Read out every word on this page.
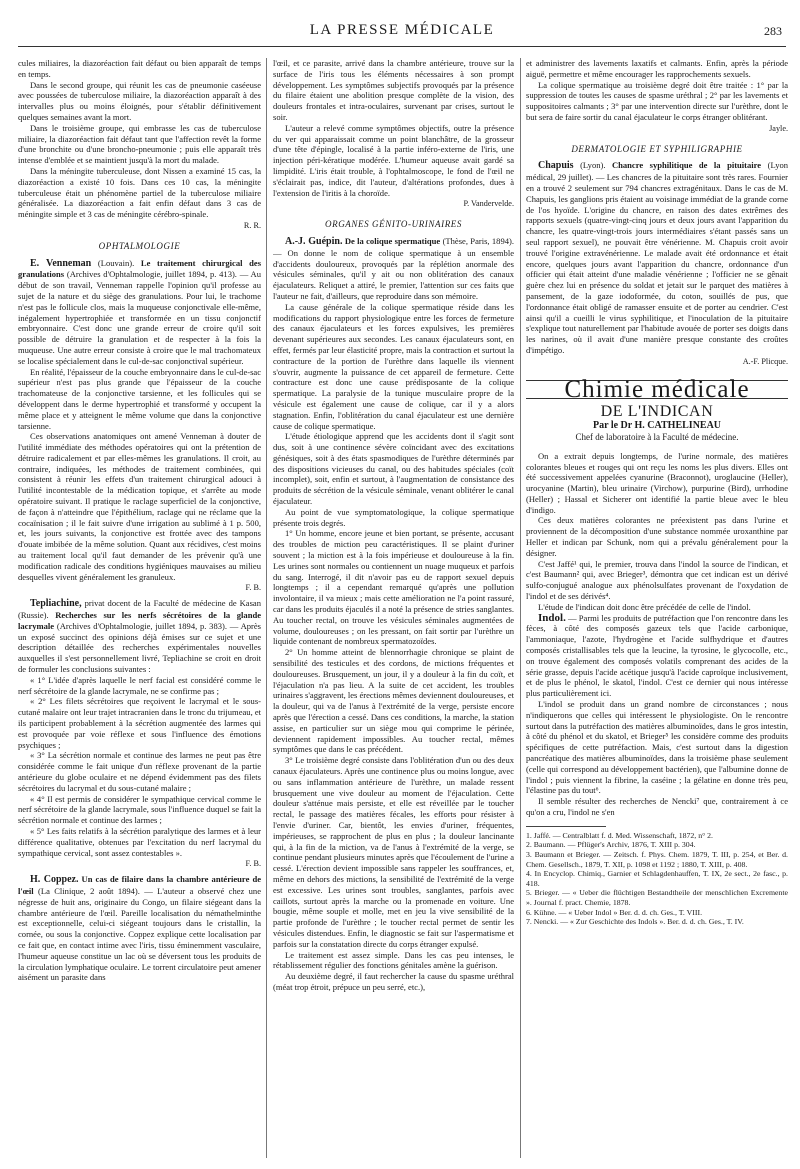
LA PRESSE MÉDICALE	283

cules miliaires, la diazoréaction fait défaut ou bien apparaît de temps en temps.

Dans le second groupe, qui réunit les cas de pneumonie caséeuse avec poussées de tuberculose miliaire, la diazoréaction apparaît à des intervalles plus ou moins éloignés, pour s'établir définitivement quelques semaines avant la mort.

Dans le troisième groupe, qui embrasse les cas de tuberculose miliaire, la diazoréaction fait défaut tant que l'affection revêt la forme d'une bronchite ou d'une broncho-pneumonie ; puis elle apparaît très intense d'emblée et se maintient jusqu'à la mort du malade.

Dans la méningite tuberculeuse, dont Nissen a examiné 15 cas, la diazoréaction a existé 10 fois. Dans ces 10 cas, la méningite tuberculeuse était un phénomène partiel de la tuberculose miliaire généralisée. La diazoréaction a fait enfin défaut dans 3 cas de méningite simple et 3 cas de méningite cérébro-spinale.

R. R.
OPHTALMOLOGIE

E. Venneman (Louvain). Le traitement chirurgical des granulations (Archives d'Ophtalmologie, juillet 1894, p. 413). — Au début de son travail, Venneman rappelle l'opinion qu'il professe au sujet de la nature et du siège des granulations. Pour lui, le trachome n'est pas le follicule clos, mais la muqueuse conjonctivale elle-même, inégalement hypertrophiée et transformée en un tissu conjonctif embryonnaire. C'est donc une grande erreur de croire qu'il soit possible de détruire la granulation et de respecter à la fois la muqueuse. Une autre erreur consiste à croire que le mal trachomateux se localise spécialement dans le cul-de-sac conjonctival supérieur.

En réalité, l'épaisseur de la couche embryonnaire dans le cul-de-sac supérieur n'est pas plus grande que l'épaisseur de la couche trachomateuse de la conjonctive tarsienne, et les follicules qui se développent dans le derme hypertrophié et transformé y occupent la même place et y atteignent le même volume que dans la conjonctive tarsienne.

Ces observations anatomiques ont amené Venneman à douter de l'utilité immédiate des méthodes opératoires qui ont la prétention de détruire radicalement et par elles-mêmes les granulations. Il croit, au contraire, indiquées, les méthodes de traitement combinées, qui consistent à réunir les effets d'un traitement chirurgical adouci à l'utilité incontestable de la médication topique, et s'arrête au mode opératoire suivant. Il pratique le raclage superficiel de la conjonctive, de façon à n'atteindre que l'épithélium, raclage qui ne réclame que la cocaïnisation ; il le fait suivre d'une irrigation au sublimé à 1 p. 500, et, les jours suivants, la conjonctive est frottée avec des tampons d'ouate imbibée de la même solution. Quant aux récidives, c'est moins au traitement local qu'il faut demander de les prévenir qu'à une modification radicale des conditions hygiéniques mauvaises au milieu desquelles vivent généralement les granuleux.

F. B.

Tepliachine, privat docent de la Faculté de médecine de Kasan (Russie). Recherches sur les nerfs sécrétoires de la glande lacrymale (Archives d'Ophtalmologie, juillet 1894, p. 383). — Après un exposé succinct des opinions déjà émises sur ce sujet et une description détaillée des recherches expérimentales nouvelles auxquelles il s'est personnellement livré, Tepliachine se croit en droit de formuler les conclusions suivantes :

« 1° L'idée d'après laquelle le nerf facial est considéré comme le nerf sécrétoire de la glande lacrymale, ne se confirme pas ;

« 2° Les filets sécrétoires que reçoivent le lacrymal et le sous-cutané malaire ont leur trajet intracranien dans le tronc du trijumeau, et ils participent probablement à la sécrétion augmentée des larmes qui est provoquée par voie réflexe et sous l'influence des émotions psychiques ;

« 3° La sécrétion normale et continue des larmes ne peut pas être considérée comme le fait unique d'un réflexe provenant de la partie antérieure du globe oculaire et ne dépend évidemment pas des filets sécrétoires du lacrymal et du sous-cutané malaire ;

« 4° Il est permis de considérer le sympathique cervical comme le nerf sécrétoire de la glande lacrymale, sous l'influence duquel se fait la sécrétion normale et continue des larmes ;

« 5° Les faits relatifs à la sécrétion paralytique des larmes et à leur différence qualitative, obtenues par l'excitation du nerf lacrymal du sympathique cervical, sont assez contestables ».

F. B.

H. Coppez. Un cas de filaire dans la chambre antérieure de l'œil (La Clinique, 2 août 1894). — L'auteur a observé chez une négresse de huit ans, originaire du Congo, un filaire siégeant dans la chambre antérieure de l'œil. Pareille localisation du némathelminthe est exceptionnelle, celui-ci siégeant toujours dans le cristallin, la cornée, ou sous la conjonctive. Coppez explique cette localisation par ce fait que, en contact intime avec l'iris, tissu éminemment vasculaire, l'humeur aqueuse constitue un lac où se déversent tous les produits de la circulation lymphatique oculaire. Le torrent circulatoire peut amener aisément un parasite dans

l'œil, et ce parasite, arrivé dans la chambre antérieure, trouve sur la surface de l'iris tous les éléments nécessaires à son prompt développement. Les symptômes subjectifs provoqués par la présence du filaire étaient une abolition presque complète de la vision, des douleurs frontales et intra-oculaires, survenant par crises, surtout le soir.

L'auteur a relevé comme symptômes objectifs, outre la présence du ver qui apparaissait comme un point blanchâtre, de la grosseur d'une tête d'épingle, localisé à la partie inféro-externe de l'iris, une injection péri-kératique modérée. L'humeur aqueuse avait gardé sa limpidité. L'iris était trouble, à l'ophtalmoscope, le fond de l'œil ne s'éclairait pas, indice, dit l'auteur, d'altérations profondes, dues à l'extension de l'iritis à la choroïde.

P. Vandervelde.
ORGANES GÉNITO-URINAIRES

A.-J. Guépin. De la colique spermatique (Thèse, Paris, 1894). — On donne le nom de colique spermatique à un ensemble d'accidents douloureux, provoqués par la réplétion anormale des vésicules séminales, qu'il y ait ou non oblitération des canaux éjaculateurs. Reliquet a attiré, le premier, l'attention sur ces faits que l'auteur ne fait, d'ailleurs, que reproduire dans son mémoire.

La cause générale de la colique spermatique réside dans les modifications du rapport physiologique entre les forces de fermeture des canaux éjaculateurs et les forces expulsives, les premières devenant supérieures aux secondes. Les canaux éjaculateurs sont, en effet, fermés par leur élasticité propre, mais la contraction et surtout la contracture de la portion de l'urèthre dans laquelle ils viennent s'ouvrir, augmente la puissance de cet appareil de fermeture. Cette contracture est donc une cause prédisposante de la colique spermatique. La paralysie de la tunique musculaire propre de la vésicule est également une cause de colique, car il y a alors stagnation. Enfin, l'oblitération du canal éjaculateur est une dernière cause de colique spermatique.

L'étude étiologique apprend que les accidents dont il s'agit sont dus, soit à une continence sévère coïncidant avec des excitations génésiques, soit à des états spasmodiques de l'urèthre déterminés par des dispositions vicieuses du canal, ou des habitudes spéciales (coït incomplet), soit, enfin et surtout, à l'augmentation de consistance des produits de sécrétion de la vésicule séminale, venant oblitérer le canal éjaculateur.

Au point de vue symptomatologique, la colique spermatique présente trois degrés.

1° Un homme, encore jeune et bien portant, se présente, accusant des troubles de miction peu caractéristiques. Il se plaint d'uriner souvent ; la miction est à la fois impérieuse et douloureuse à la fin. Les urines sont normales ou contiennent un nuage muqueux et parfois du sang. Interrogé, il dit n'avoir pas eu de rapport sexuel depuis longtemps ; il a cependant remarqué qu'après une pollution involontaire, il va mieux ; mais cette amélioration ne l'a point rassuré, car dans les produits éjaculés il a noté la présence de stries sanglantes. Au toucher rectal, on trouve les vésicules séminales augmentées de volume, douloureuses ; on les pressant, on fait sortir par l'urèthre un liquide contenant de nombreux spermatozoïdes.

2° Un homme atteint de blennorrhagie chronique se plaint de sensibilité des testicules et des cordons, de mictions fréquentes et douloureuses. Brusquement, un jour, il y a douleur à la fin du coït, et l'éjaculation n'a pas lieu. A la suite de cet accident, les troubles urinaires s'aggravent, les érections mêmes deviennent douloureuses, et la douleur, qui va de l'anus à l'extrémité de la verge, persiste encore après que l'érection a cessé. Dans ces conditions, la marche, la station assise, en particulier sur un siège mou qui comprime le périnée, deviennent rapidement impossibles. Au toucher rectal, mêmes symptômes que dans le cas précédent.

3° Le troisième degré consiste dans l'oblitération d'un ou des deux canaux éjaculateurs. Après une continence plus ou moins longue, avec ou sans inflammation antérieure de l'urèthre, un malade ressent brusquement une vive douleur au moment de l'éjaculation. Cette douleur s'atténue mais persiste, et elle est réveillée par le toucher rectal, le passage des matières fécales, les efforts pour résister à l'envie d'uriner. Car, bientôt, les envies d'uriner, fréquentes, impérieuses, se rapprochent de plus en plus ; la douleur lancinante qui, à la fin de la miction, va de l'anus à l'extrémité de la verge, se continue pendant plusieurs minutes après que l'écoulement de l'urine a cessé. L'érection devient impossible sans rappeler les souffrances, et, même en dehors des mictions, la sensibilité de l'extrémité de la verge est excessive. Les urines sont troubles, sanglantes, parfois avec caillots, surtout après la marche ou la promenade en voiture. Une bougie, même souple et molle, met en jeu la vive sensibilité de la partie profonde de l'urèthre ; le toucher rectal permet de sentir les vésicules distendues. Enfin, le diagnostic se fait sur l'aspermatisme et parfois sur la constatation directe du corps étranger expulsé.

Le traitement est assez simple. Dans les cas peu intenses, le rétablissement régulier des fonctions génitales amène la guérison.

Au deuxième degré, il faut rechercher la cause du spasme uréthral (méat trop étroit, prépuce un peu serré, etc.),

et administrer des lavements laxatifs et calmants. Enfin, après la période aiguë, permettre et même encourager les rapprochements sexuels.

La colique spermatique au troisième degré doit être traitée : 1° par la suppression de toutes les causes de spasme uréthral ; 2° par les lavements et suppositoires calmants ; 3° par une intervention directe sur l'urèthre, dont le but sera de faire sortir du canal éjaculateur le corps étranger oblitérant.

Jayle.
DERMATOLOGIE ET SYPHILIGRAPHIE

Chapuis (Lyon). Chancre syphilitique de la pituitaire (Lyon médical, 29 juillet). — Les chancres de la pituitaire sont très rares. Fournier en a trouvé 2 seulement sur 794 chancres extragénitaux. Dans le cas de M. Chapuis, les ganglions pris étaient au voisinage immédiat de la grande corne de l'os hyoïde. L'origine du chancre, en raison des dates extrêmes des rapports sexuels (quatre-vingt-cinq jours et deux jours avant l'apparition du chancre, les quatre-vingt-trois jours intermédiaires s'étant passés sans un seul rapport sexuel), ne pouvait être vénérienne. M. Chapuis croit avoir trouvé l'origine extravénérienne. Le malade avait été ordonnance et était encore, quelques jours avant l'apparition du chancre, ordonnance d'un officier qui était atteint d'une maladie vénérienne ; l'officier ne se gênait guère chez lui en présence du soldat et jetait sur le parquet des matières à pansement, de la gaze iodoformée, du coton, souillés de pus, que l'ordonnance était obligé de ramasser ensuite et de porter au cendrier. C'est ainsi qu'il a cueilli le virus syphilitique, et l'inoculation de la pituitaire s'explique tout naturellement par l'habitude avouée de porter ses doigts dans les narines, où il avait d'une manière presque constante des croûtes d'impétigo.

A.-F. Plicque.
Chimie médicale
DE L'INDICAN
Par le Dr H. CATHELINEAU
Chef de laboratoire à la Faculté de médecine.

On a extrait depuis longtemps, de l'urine normale, des matières colorantes bleues et rouges qui ont reçu les noms les plus divers. Elles ont été successivement appelées cyanurine (Braconnot), uroglaucine (Heller), urocyanine (Martin), bleu urinaire (Virchow), purpurine (Bird), urrhodine (Heller) ; Hassal et Sicherer ont identifié la partie bleue avec le bleu d'indigo.

Ces deux matières colorantes ne préexistent pas dans l'urine et proviennent de la décomposition d'une substance nommée uroxanthine par Heller et indican par Schunk, nom qui a prévalu généralement pour la désigner.

C'est Jaffé¹ qui, le premier, trouva dans l'indol la source de l'indican, et c'est Baumann² qui, avec Brieger³, démontra que cet indican est un dérivé sulfo-conjugué analogue aux phénolsulfates provenant de l'oxydation de l'indol et de ses dérivés⁴.

L'étude de l'indican doit donc être précédée de celle de l'indol.

Indol. — Parmi les produits de putréfaction que l'on rencontre dans les fèces, à côté des composés gazeux tels que l'acide carbonique, l'ammoniaque, l'azote, l'hydrogène et l'acide sulfhydrique et d'autres composés cristallisables tels que la leucine, la tyrosine, le glycocolle, etc., on trouve également des composés volatils comprenant des acides de la série grasse, depuis l'acide acétique jusqu'à l'acide caproïque inclusivement, et de plus le phénol, le skatol, l'indol. C'est ce dernier qui nous intéresse plus particulièrement ici.

L'indol se produit dans un grand nombre de circonstances ; nous n'indiquerons que celles qui intéressent le physiologiste. On le rencontre surtout dans la putréfaction des matières albuminoïdes, dans le gros intestin, à côté du phénol et du skatol, et Brieger⁵ les considère comme des produits spécifiques de cette putréfaction. Mais, c'est surtout dans la digestion pancréatique des matières albuminoïdes, dans la troisième phase seulement (celle qui correspond au développement bactérien), que l'albumine donne de l'indol ; puis viennent la fibrine, la caséine ; la gélatine en donne très peu, l'élastine pas du tout⁶.

Il semble résulter des recherches de Nencki⁷ que, contrairement à ce qu'on a cru, l'indol ne s'en

1. Jaffé. — Centralblatt f. d. Med. Wissenschaft, 1872, n° 2.

2. Baumann. — Pflüger's Archiv, 1876, T. XIII p. 304.

3. Baumann et Brieger. — Zeitsch. f. Phys. Chem. 1879, T. III, p. 254, et Ber. d. Chem. Gesellsch., 1879, T. XII, p. 1098 et 1192 ; 1880, T. XIII, p. 408.

4. In Encyclop. Chimiq., Garnier et Schlagdenhauffen, T. IX, 2e sect., 2e fasc., p. 418.

5. Brieger. — « Ueber die flüchtigen Bestandtheile der menschlichen Excremente ». Journal f. pract. Chemie, 1878.

6. Kühne. — « Ueber Indol » Ber. d. d. ch. Ges., T. VIII.

7. Nencki. — « Zur Geschichte des Indols ». Ber. d. d. ch. Ges., T. IV.
